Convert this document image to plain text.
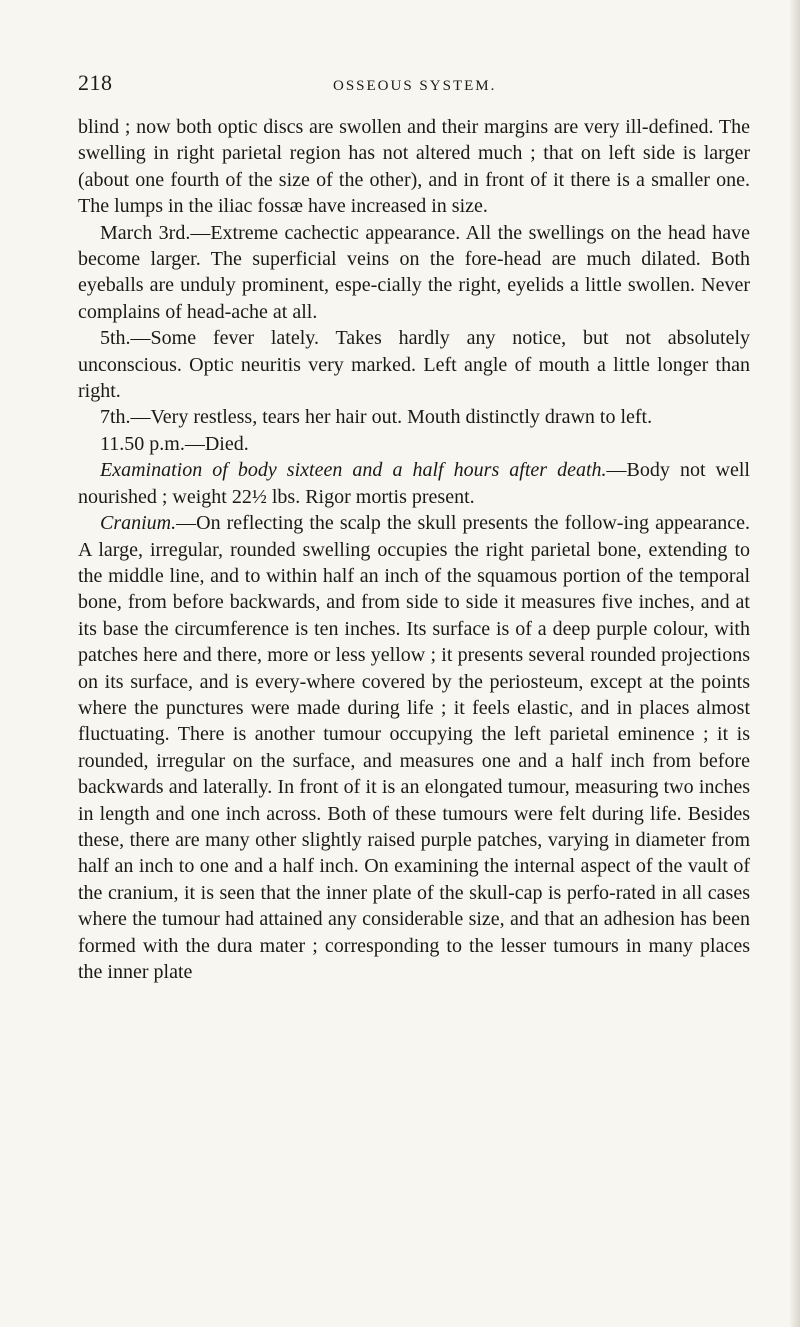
218	OSSEOUS SYSTEM.

blind ; now both optic discs are swollen and their margins are very ill-defined. The swelling in right parietal region has not altered much ; that on left side is larger (about one fourth of the size of the other), and in front of it there is a smaller one. The lumps in the iliac fossæ have increased in size.

March 3rd.—Extreme cachectic appearance. All the swellings on the head have become larger. The superficial veins on the fore-head are much dilated. Both eyeballs are unduly prominent, espe-cially the right, eyelids a little swollen. Never complains of head-ache at all.

5th.—Some fever lately. Takes hardly any notice, but not absolutely unconscious. Optic neuritis very marked. Left angle of mouth a little longer than right.

7th.—Very restless, tears her hair out. Mouth distinctly drawn to left.

11.50 p.m.—Died.

Examination of body sixteen and a half hours after death.—Body not well nourished ; weight 22½ lbs. Rigor mortis present.

Cranium.—On reflecting the scalp the skull presents the follow-ing appearance. A large, irregular, rounded swelling occupies the right parietal bone, extending to the middle line, and to within half an inch of the squamous portion of the temporal bone, from before backwards, and from side to side it measures five inches, and at its base the circumference is ten inches. Its surface is of a deep purple colour, with patches here and there, more or less yellow ; it presents several rounded projections on its surface, and is every-where covered by the periosteum, except at the points where the punctures were made during life ; it feels elastic, and in places almost fluctuating. There is another tumour occupying the left parietal eminence ; it is rounded, irregular on the surface, and measures one and a half inch from before backwards and laterally. In front of it is an elongated tumour, measuring two inches in length and one inch across. Both of these tumours were felt during life. Besides these, there are many other slightly raised purple patches, varying in diameter from half an inch to one and a half inch. On examining the internal aspect of the vault of the cranium, it is seen that the inner plate of the skull-cap is perfo-rated in all cases where the tumour had attained any considerable size, and that an adhesion has been formed with the dura mater ; corresponding to the lesser tumours in many places the inner plate
